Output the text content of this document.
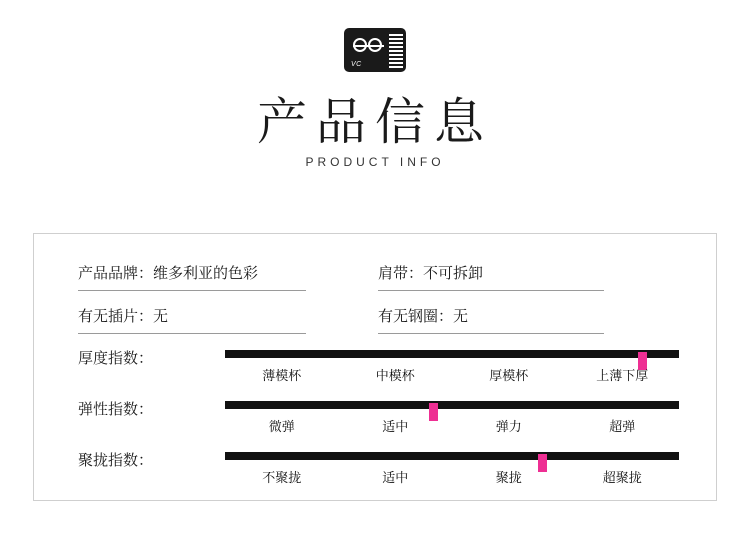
VC
产品信息
PRODUCT INFO
产品品牌：维多利亚的色彩	肩带：不可拆卸
有无插片：无	有无钢圈：无
厚度指数：
薄模杯	中模杯	厚模杯	上薄下厚
弹性指数：
微弹	适中	弹力	超弹
聚拢指数：
不聚拢	适中	聚拢	超聚拢
